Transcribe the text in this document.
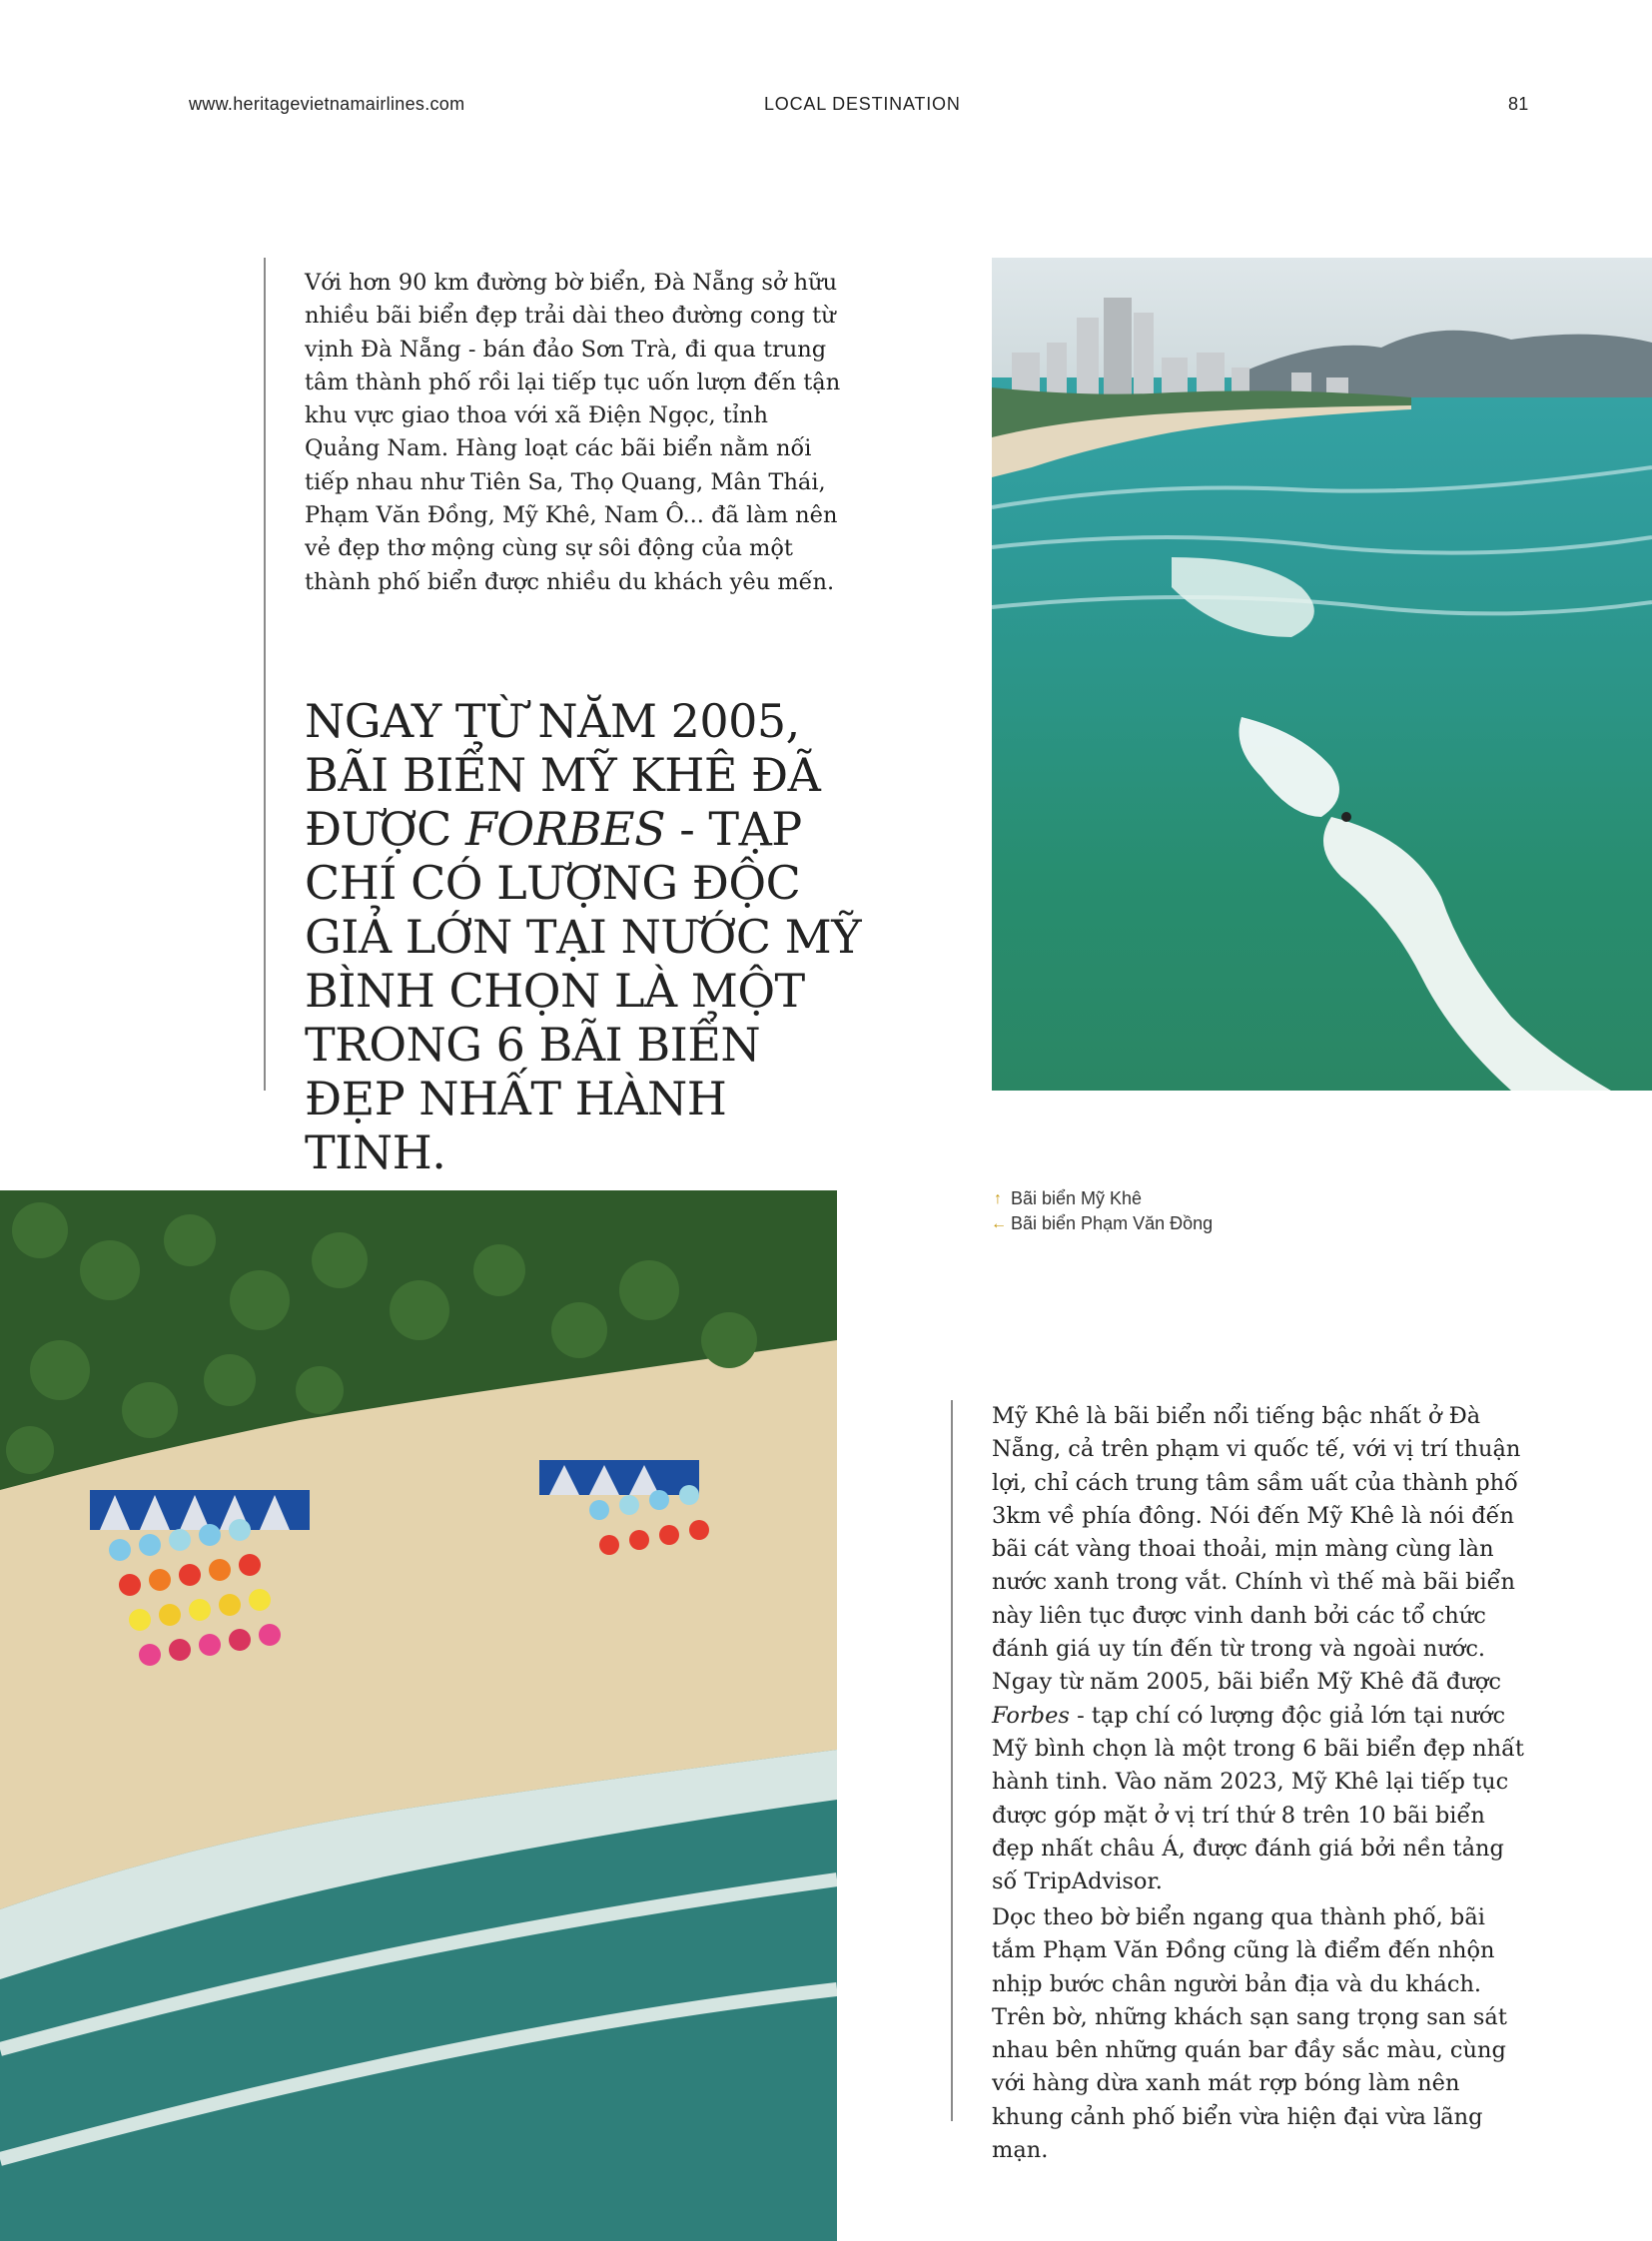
www.heritagevietnamairlines.com	LOCAL DESTINATION	81

Với hơn 90 km đường bờ biển, Đà Nẵng sở hữu nhiều bãi biển đẹp trải dài theo đường cong từ vịnh Đà Nẵng - bán đảo Sơn Trà, đi qua trung tâm thành phố rồi lại tiếp tục uốn lượn đến tận khu vực giao thoa với xã Điện Ngọc, tỉnh Quảng Nam. Hàng loạt các bãi biển nằm nối tiếp nhau như Tiên Sa, Thọ Quang, Mân Thái, Phạm Văn Đồng, Mỹ Khê, Nam Ô... đã làm nên vẻ đẹp thơ mộng cùng sự sôi động của một thành phố biển được nhiều du khách yêu mến.

NGAY TỪ NĂM 2005, BÃI BIỂN MỸ KHÊ ĐÃ ĐƯỢC FORBES - TẠP CHÍ CÓ LƯỢNG ĐỘC GIẢ LỚN TẠI NƯỚC MỸ BÌNH CHỌN LÀ MỘT TRONG 6 BÃI BIỂN ĐẸP NHẤT HÀNH TINH.
↑ Bãi biển Mỹ Khê
← Bãi biển Phạm Văn Đồng

Mỹ Khê là bãi biển nổi tiếng bậc nhất ở Đà Nẵng, cả trên phạm vi quốc tế, với vị trí thuận lợi, chỉ cách trung tâm sầm uất của thành phố 3km về phía đông. Nói đến Mỹ Khê là nói đến bãi cát vàng thoai thoải, mịn màng cùng làn nước xanh trong vắt. Chính vì thế mà bãi biển này liên tục được vinh danh bởi các tổ chức đánh giá uy tín đến từ trong và ngoài nước. Ngay từ năm 2005, bãi biển Mỹ Khê đã được Forbes - tạp chí có lượng độc giả lớn tại nước Mỹ bình chọn là một trong 6 bãi biển đẹp nhất hành tinh. Vào năm 2023, Mỹ Khê lại tiếp tục được góp mặt ở vị trí thứ 8 trên 10 bãi biển đẹp nhất châu Á, được đánh giá bởi nền tảng số TripAdvisor.

Dọc theo bờ biển ngang qua thành phố, bãi tắm Phạm Văn Đồng cũng là điểm đến nhộn nhịp bước chân người bản địa và du khách. Trên bờ, những khách sạn sang trọng san sát nhau bên những quán bar đầy sắc màu, cùng với hàng dừa xanh mát rợp bóng làm nên khung cảnh phố biển vừa hiện đại vừa lãng mạn.
